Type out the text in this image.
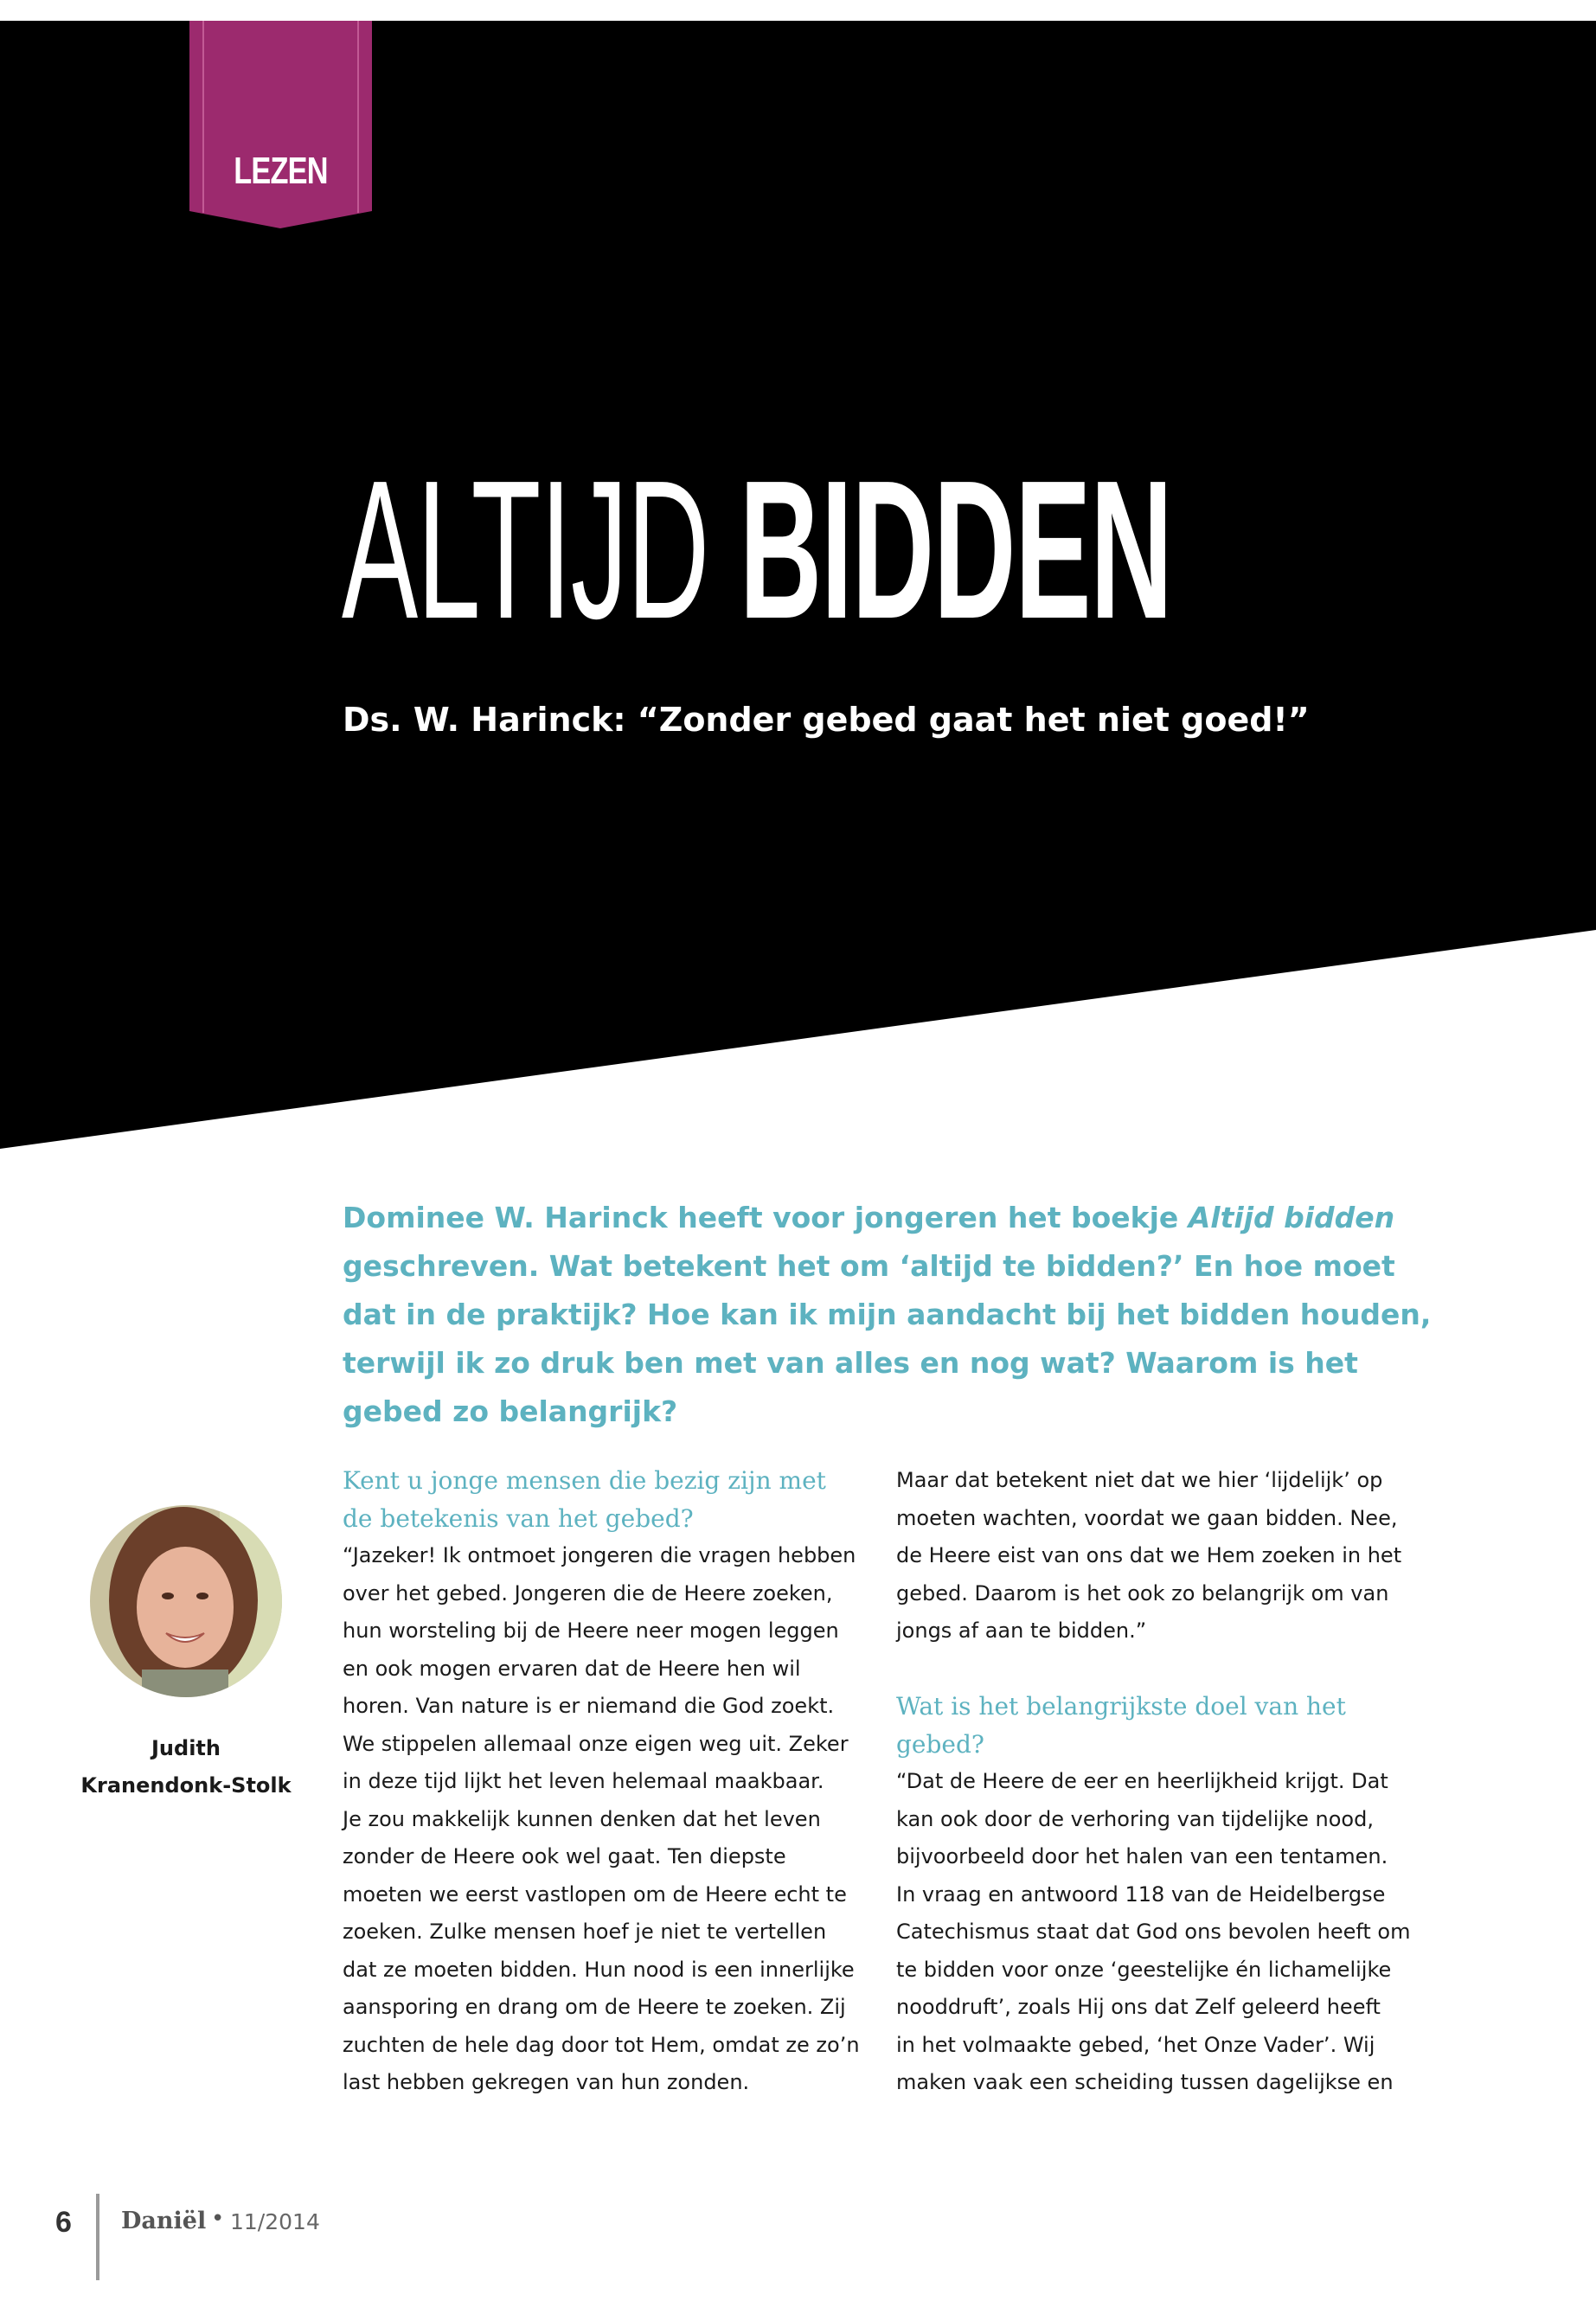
LEZEN
ALTIJD BIDDEN

Ds. W. Harinck: “Zonder gebed gaat het niet goed!”

Dominee W. Harinck heeft voor jongeren het boekje Altijd bidden geschreven. Wat betekent het om ‘altijd te bidden?’ En hoe moet dat in de praktijk? Hoe kan ik mijn aandacht bij het bidden houden, terwijl ik zo druk ben met van alles en nog wat? Waarom is het gebed zo belangrijk?

Judith
Kranendonk-Stolk
Kent u jonge mensen die bezig zijn met de betekenis van het gebed?

“Jazeker! Ik ontmoet jongeren die vragen hebben
over het gebed. Jongeren die de Heere zoeken,
hun worsteling bij de Heere neer mogen leggen
en ook mogen ervaren dat de Heere hen wil
horen. Van nature is er niemand die God zoekt.
We stippelen allemaal onze eigen weg uit. Zeker
in deze tijd lijkt het leven helemaal maakbaar.
Je zou makkelijk kunnen denken dat het leven
zonder de Heere ook wel gaat. Ten diepste
moeten we eerst vastlopen om de Heere echt te
zoeken. Zulke mensen hoef je niet te vertellen
dat ze moeten bidden. Hun nood is een innerlijke
aansporing en drang om de Heere te zoeken. Zij
zuchten de hele dag door tot Hem, omdat ze zo’n
last hebben gekregen van hun zonden.

Maar dat betekent niet dat we hier ‘lijdelijk’ op
moeten wachten, voordat we gaan bidden. Nee,
de Heere eist van ons dat we Hem zoeken in het
gebed. Daarom is het ook zo belangrijk om van
jongs af aan te bidden.”

Wat is het belangrijkste doel van het gebed?

“Dat de Heere de eer en heerlijkheid krijgt. Dat
kan ook door de verhoring van tijdelijke nood,
bijvoorbeeld door het halen van een tentamen.
In vraag en antwoord 118 van de Heidelbergse
Catechismus staat dat God ons bevolen heeft om
te bidden voor onze ‘geestelijke én lichamelijke
nooddruft’, zoals Hij ons dat Zelf geleerd heeft
in het volmaakte gebed, ‘het Onze Vader’. Wij
maken vaak een scheiding tussen dagelijkse en

6 Daniël • 11/2014
